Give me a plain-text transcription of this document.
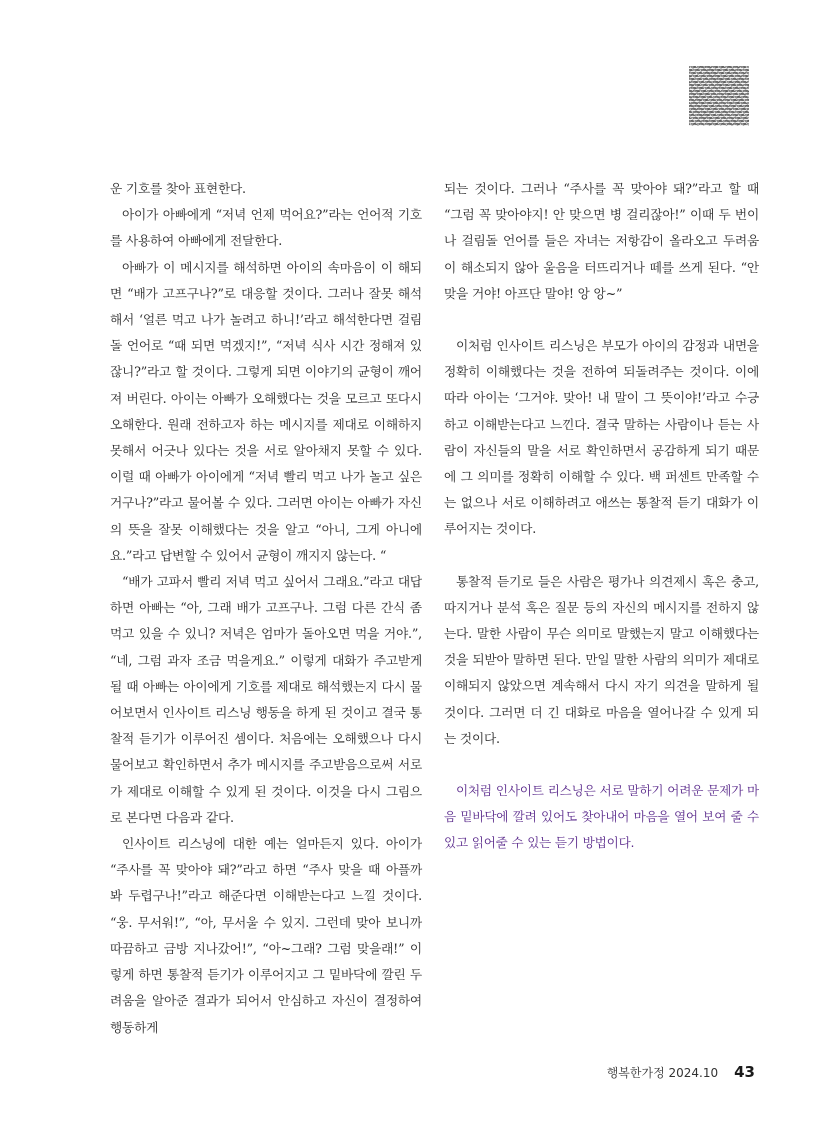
운 기호를 찾아 표현한다.

아이가 아빠에게 “저녁 언제 먹어요?”라는 언어적 기호를 사용하여 아빠에게 전달한다.

아빠가 이 메시지를 해석하면 아이의 속마음이 이 해되면 “배가 고프구나?”로 대응할 것이다. 그러나 잘못 해석해서 ‘얼른 먹고 나가 놀려고 하니!’라고 해석한다면 걸림돌 언어로 “때 되면 먹겠지!”, “저녁 식사 시간 정해져 있잖니?”라고 할 것이다. 그렇게 되면 이야기의 균형이 깨어져 버린다. 아이는 아빠가 오해했다는 것을 모르고 또다시 오해한다. 원래 전하고자 하는 메시지를 제대로 이해하지 못해서 어긋나 있다는 것을 서로 알아채지 못할 수 있다. 이럴 때 아빠가 아이에게 “저녁 빨리 먹고 나가 놀고 싶은 거구나?”라고 물어볼 수 있다. 그러면 아이는 아빠가 자신의 뜻을 잘못 이해했다는 것을 알고 “아니, 그게 아니에요.”라고 답변할 수 있어서 균형이 깨지지 않는다. “

“배가 고파서 빨리 저녁 먹고 싶어서 그래요.”라고 대답하면 아빠는 “아, 그래 배가 고프구나. 그럼 다른 간식 좀 먹고 있을 수 있니? 저녁은 엄마가 돌아오면 먹을 거야.”, “네, 그럼 과자 조금 먹을게요.” 이렇게 대화가 주고받게 될 때 아빠는 아이에게 기호를 제대로 해석했는지 다시 물어보면서 인사이트 리스닝 행동을 하게 된 것이고 결국 통찰적 듣기가 이루어진 셈이다. 처음에는 오해했으나 다시 물어보고 확인하면서 추가 메시지를 주고받음으로써 서로가 제대로 이해할 수 있게 된 것이다. 이것을 다시 그림으로 본다면 다음과 같다.

인사이트 리스닝에 대한 예는 얼마든지 있다. 아이가 “주사를 꼭 맞아야 돼?”라고 하면 “주사 맞을 때 아플까 봐 두렵구나!”라고 해준다면 이해받는다고 느낄 것이다. “웅. 무서워!”, “아, 무서울 수 있지. 그런데 맞아 보니까 따끔하고 금방 지나갔어!”, “아~그래? 그럼 맞을래!” 이렇게 하면 통찰적 듣기가 이루어지고 그 밑바닥에 깔린 두려움을 알아준 결과가 되어서 안심하고 자신이 결정하여 행동하게

되는 것이다. 그러나 “주사를 꼭 맞아야 돼?”라고 할 때 “그럼 꼭 맞아야지! 안 맞으면 병 걸리잖아!” 이때 두 번이나 걸림돌 언어를 들은 자녀는 저항감이 올라오고 두려움이 해소되지 않아 울음을 터뜨리거나 떼를 쓰게 된다. “안 맞을 거야! 아프단 말야! 앙 앙~”

이처럼 인사이트 리스닝은 부모가 아이의 감정과 내면을 정확히 이해했다는 것을 전하여 되돌려주는 것이다. 이에 따라 아이는 ‘그거야. 맞아! 내 말이 그 뜻이야!’라고 수긍하고 이해받는다고 느낀다. 결국 말하는 사람이나 듣는 사람이 자신들의 말을 서로 확인하면서 공감하게 되기 때문에 그 의미를 정확히 이해할 수 있다. 백 퍼센트 만족할 수는 없으나 서로 이해하려고 애쓰는 통찰적 듣기 대화가 이루어지는 것이다.

통찰적 듣기로 들은 사람은 평가나 의견제시 혹은 충고, 따지거나 분석 혹은 질문 등의 자신의 메시지를 전하지 않는다. 말한 사람이 무슨 의미로 말했는지 말고 이해했다는 것을 되받아 말하면 된다. 만일 말한 사람의 의미가 제대로 이해되지 않았으면 계속해서 다시 자기 의견을 말하게 될 것이다. 그러면 더 긴 대화로 마음을 열어나갈 수 있게 되는 것이다.

이처럼 인사이트 리스닝은 서로 말하기 어려운 문제가 마음 밑바닥에 깔려 있어도 찾아내어 마음을 열어 보여 줄 수 있고 읽어줄 수 있는 듣기 방법이다.

행복한가정 2024.10 43
